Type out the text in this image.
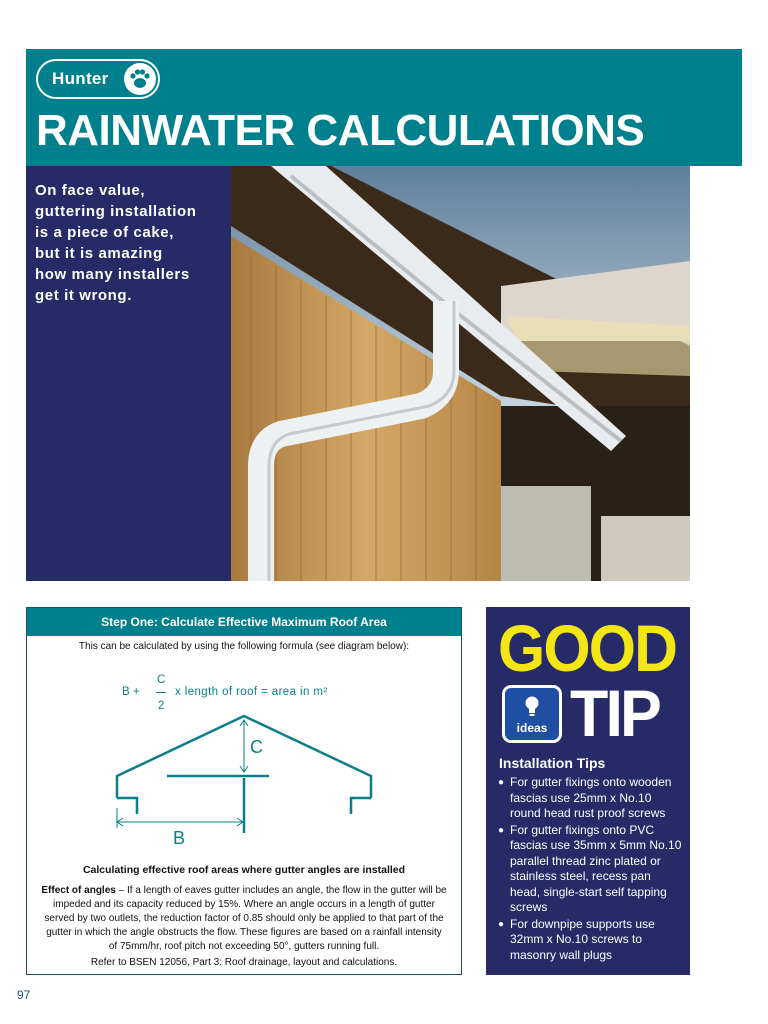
Hunter
RAINWATER CALCULATIONS
On face value,
guttering installation
is a piece of cake,
but it is amazing
how many installers
get it wrong.
Step One: Calculate Effective Maximum Roof Area
This can be calculated by using the following formula (see diagram below):
B +
C
2
x length of roof = area in m²
C
B
Calculating effective roof areas where gutter angles are installed
Effect of angles – If a length of eaves gutter includes an angle, the flow in the gutter will be impeded and its capacity reduced by 15%. Where an angle occurs in a length of gutter served by two outlets, the reduction factor of 0.85 should only be applied to that part of the gutter in which the angle obstructs the flow. These figures are based on a rainfall intensity of 75mm/hr, roof pitch not exceeding 50°, gutters running full.
Refer to BSEN 12056, Part 3: Roof drainage, layout and calculations.
GOOD
ideas TIP
Installation Tips
● For gutter fixings onto wooden fascias use 25mm x No.10 round head rust proof screws
● For gutter fixings onto PVC fascias use 35mm x 5mm No.10 parallel thread zinc plated or stainless steel, recess pan head, single-start self tapping screws
● For downpipe supports use 32mm x No.10 screws to masonry wall plugs
97
